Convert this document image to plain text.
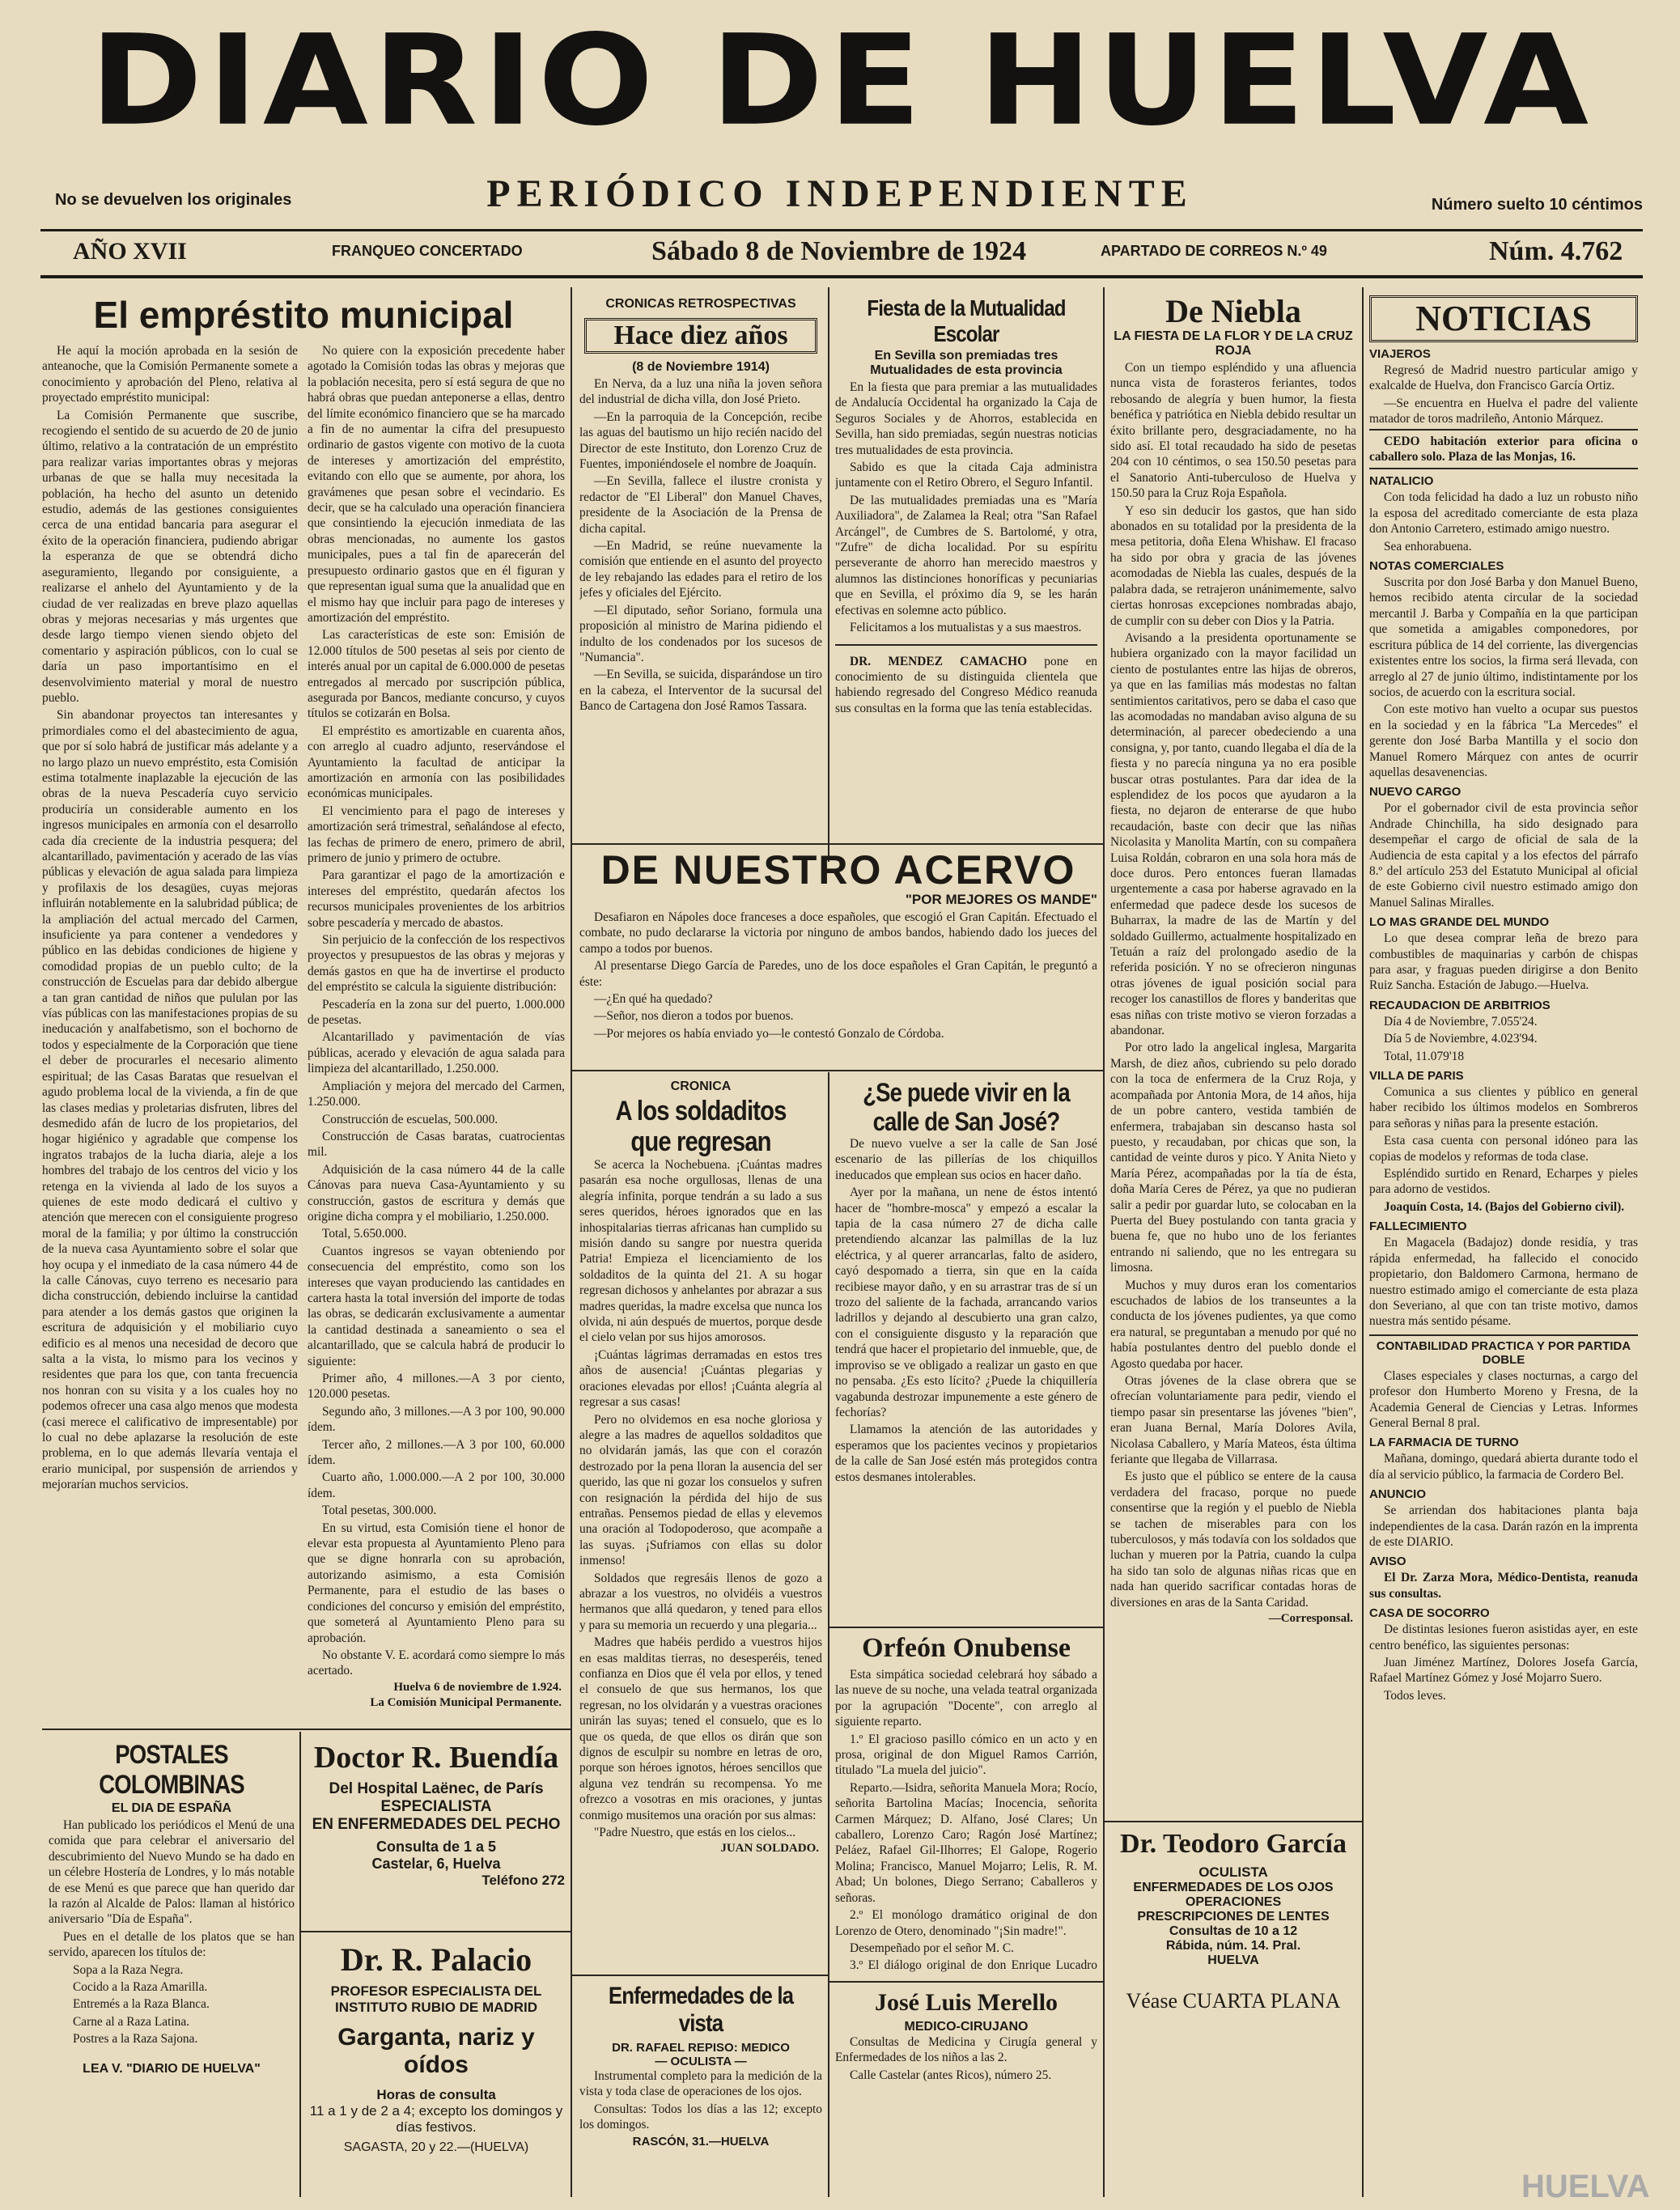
DIARIO DE HUELVA
No se devuelven los originales	PERIÓDICO INDEPENDIENTE	Número suelto 10 céntimos
AÑO XVII	FRANQUEO CONCERTADO	Sábado 8 de Noviembre de 1924	APARTADO DE CORREOS N.º 49	Núm. 4.762
El empréstito municipal

He aquí la moción aprobada en la sesión de anteanoche, que la Comisión Permanente somete a conocimiento y aprobación del Pleno, relativa al proyectado empréstito municipal:

La Comisión Permanente que suscribe, recogiendo el sentido de su acuerdo de 20 de junio último, relativo a la contratación de un empréstito para realizar varias importantes obras y mejoras urbanas de que se halla muy necesitada la población, ha hecho del asunto un detenido estudio, además de las gestiones consiguientes cerca de una entidad bancaria para asegurar el éxito de la operación financiera, pudiendo abrigar la esperanza de que se obtendrá dicho aseguramiento, llegando por consiguiente, a realizarse el anhelo del Ayuntamiento y de la ciudad de ver realizadas en breve plazo aquellas obras y mejoras necesarias y más urgentes que desde largo tiempo vienen siendo objeto del comentario y aspiración públicos, con lo cual se daría un paso importantísimo en el desenvolvimiento material y moral de nuestro pueblo.

Sin abandonar proyectos tan interesantes y primordiales como el del abastecimiento de agua, que por sí solo habrá de justificar más adelante y a no largo plazo un nuevo empréstito, esta Comisión estima totalmente inaplazable la ejecución de las obras de la nueva Pescadería cuyo servicio produciría un considerable aumento en los ingresos municipales en armonía con el desarrollo cada día creciente de la industria pesquera; del alcantarillado, pavimentación y acerado de las vías públicas y elevación de agua salada para limpieza y profilaxis de los desagües, cuyas mejoras influirán notablemente en la salubridad pública; de la ampliación del actual mercado del Carmen, insuficiente ya para contener a vendedores y público en las debidas condiciones de higiene y comodidad propias de un pueblo culto; de la construcción de Escuelas para dar debido albergue a tan gran cantidad de niños que pululan por las vías públicas con las manifestaciones propias de su ineducación y analfabetismo, son el bochorno de todos y especialmente de la Corporación que tiene el deber de procurarles el necesario alimento espiritual; de las Casas Baratas que resuelvan el agudo problema local de la vivienda, a fin de que las clases medias y proletarias disfruten, libres del desmedido afán de lucro de los propietarios, del hogar higiénico y agradable que compense los ingratos trabajos de la lucha diaria, aleje a los hombres del trabajo de los centros del vicio y los retenga en la vivienda al lado de los suyos a quienes de este modo dedicará el cultivo y atención que merecen con el consiguiente progreso moral de la familia; y por último la construcción de la nueva casa Ayuntamiento sobre el solar que hoy ocupa y el inmediato de la casa número 44 de la calle Cánovas, cuyo terreno es necesario para dicha construcción, debiendo incluirse la cantidad para atender a los demás gastos que originen la escritura de adquisición y el mobiliario cuyo edificio es al menos una necesidad de decoro que salta a la vista, lo mismo para los vecinos y residentes que para los que, con tanta frecuencia nos honran con su visita y a los cuales hoy no podemos ofrecer una casa algo menos que modesta (casi merece el calificativo de impresentable) por lo cual no debe aplazarse la resolución de este problema, en lo que además llevaría ventaja el erario municipal, por suspensión de arriendos y mejorarían muchos servicios.

No quiere con la exposición precedente haber agotado la Comisión todas las obras y mejoras que la población necesita, pero sí está segura de que no habrá obras que puedan anteponerse a ellas, dentro del límite económico financiero que se ha marcado a fin de no aumentar la cifra del presupuesto ordinario de gastos vigente con motivo de la cuota de intereses y amortización del empréstito, evitando con ello que se aumente, por ahora, los gravámenes que pesan sobre el vecindario. Es decir, que se ha calculado una operación financiera que consintiendo la ejecución inmediata de las obras mencionadas, no aumente los gastos municipales, pues a tal fin de aparecerán del presupuesto ordinario gastos que en él figuran y que representan igual suma que la anualidad que en el mismo hay que incluir para pago de intereses y amortización del empréstito.

Las características de este son: Emisión de 12.000 títulos de 500 pesetas al seis por ciento de interés anual por un capital de 6.000.000 de pesetas entregados al mercado por suscripción pública, asegurada por Bancos, mediante concurso, y cuyos títulos se cotizarán en Bolsa.

El empréstito es amortizable en cuarenta años, con arreglo al cuadro adjunto, reservándose el Ayuntamiento la facultad de anticipar la amortización en armonía con las posibilidades económicas municipales.

El vencimiento para el pago de intereses y amortización será trimestral, señalándose al efecto, las fechas de primero de enero, primero de abril, primero de junio y primero de octubre.

Para garantizar el pago de la amortización e intereses del empréstito, quedarán afectos los recursos municipales provenientes de los arbitrios sobre pescadería y mercado de abastos.

Sin perjuicio de la confección de los respectivos proyectos y presupuestos de las obras y mejoras y demás gastos en que ha de invertirse el producto del empréstito se calcula la siguiente distribución:

Pescadería en la zona sur del puerto, 1.000.000 de pesetas.

Alcantarillado y pavimentación de vías públicas, acerado y elevación de agua salada para limpieza del alcantarillado, 1.250.000.

Ampliación y mejora del mercado del Carmen, 1.250.000.

Construcción de escuelas, 500.000.

Construcción de Casas baratas, cuatrocientas mil.

Adquisición de la casa número 44 de la calle Cánovas para nueva Casa-Ayuntamiento y su construcción, gastos de escritura y demás que origine dicha compra y el mobiliario, 1.250.000.

Total, 5.650.000.

Cuantos ingresos se vayan obteniendo por consecuencia del empréstito, como son los intereses que vayan produciendo las cantidades en cartera hasta la total inversión del importe de todas las obras, se dedicarán exclusivamente a aumentar la cantidad destinada a saneamiento o sea el alcantarillado, que se calcula habrá de producir lo siguiente:

Primer año, 4 millones.—A 3 por ciento, 120.000 pesetas.

Segundo año, 3 millones.—A 3 por 100, 90.000 ídem.

Tercer año, 2 millones.—A 3 por 100, 60.000 ídem.

Cuarto año, 1.000.000.—A 2 por 100, 30.000 ídem.

Total pesetas, 300.000.

En su virtud, esta Comisión tiene el honor de elevar esta propuesta al Ayuntamiento Pleno para que se digne honrarla con su aprobación, autorizando asimismo, a esta Comisión Permanente, para el estudio de las bases o condiciones del concurso y emisión del empréstito, que someterá al Ayuntamiento Pleno para su aprobación.

No obstante V. E. acordará como siempre lo más acertado.

Huelva 6 de noviembre de 1.924.

La Comisión Municipal Permanente.

POSTALES COLOMBINAS

EL DIA DE ESPAÑA

Han publicado los periódicos el Menú de una comida que para celebrar el aniversario del descubrimiento del Nuevo Mundo se ha dado en un célebre Hostería de Londres, y lo más notable de ese Menú es que parece que han querido dar la razón al Alcalde de Palos: llaman al histórico aniversario "Día de España".

Pues en el detalle de los platos que se han servido, aparecen los títulos de:

Sopa a la Raza Negra.

Cocido a la Raza Amarilla.

Entremés a la Raza Blanca.

Carne al a Raza Latina.

Postres a la Raza Sajona.

LEA V. "DIARIO DE HUELVA"

Doctor R. Buendía

Del Hospital Laënec, de París

ESPECIALISTA

EN ENFERMEDADES DEL PECHO

Consulta de 1 a 5

Castelar, 6, Huelva

Teléfono 272

Dr. R. Palacio

PROFESOR ESPECIALISTA DEL INSTITUTO RUBIO DE MADRID

Garganta, nariz y oídos

Horas de consulta

11 a 1 y de 2 a 4; excepto los domingos y días festivos.

SAGASTA, 20 y 22.—(HUELVA)

CRONICAS RETROSPECTIVAS

Hace diez años

(8 de Noviembre 1914)

En Nerva, da a luz una niña la joven señora del industrial de dicha villa, don José Prieto.

—En la parroquia de la Concepción, recibe las aguas del bautismo un hijo recién nacido del Director de este Instituto, don Lorenzo Cruz de Fuentes, imponiéndosele el nombre de Joaquín.

—En Sevilla, fallece el ilustre cronista y redactor de "El Liberal" don Manuel Chaves, presidente de la Asociación de la Prensa de dicha capital.

—En Madrid, se reúne nuevamente la comisión que entiende en el asunto del proyecto de ley rebajando las edades para el retiro de los jefes y oficiales del Ejército.

—El diputado, señor Soriano, formula una proposición al ministro de Marina pidiendo el indulto de los condenados por los sucesos de "Numancia".

—En Sevilla, se suicida, disparándose un tiro en la cabeza, el Interventor de la sucursal del Banco de Cartagena don José Ramos Tassara.

Fiesta de la Mutualidad Escolar

En Sevilla son premiadas tres Mutualidades de esta provincia

En la fiesta que para premiar a las mutualidades de Andalucía Occidental ha organizado la Caja de Seguros Sociales y de Ahorros, establecida en Sevilla, han sido premiadas, según nuestras noticias tres mutualidades de esta provincia.

Sabido es que la citada Caja administra juntamente con el Retiro Obrero, el Seguro Infantil.

De las mutualidades premiadas una es "María Auxiliadora", de Zalamea la Real; otra "San Rafael Arcángel", de Cumbres de S. Bartolomé, y otra, "Zufre" de dicha localidad. Por su espíritu perseverante de ahorro han merecido maestros y alumnos las distinciones honoríficas y pecuniarias que en Sevilla, el próximo día 9, se les harán efectivas en solemne acto público.

Felicitamos a los mutualistas y a sus maestros.

DR. MENDEZ CAMACHO pone en conocimiento de su distinguida clientela que habiendo regresado del Congreso Médico reanuda sus consultas en la forma que las tenía establecidas.

DE NUESTRO ACERVO

"POR MEJORES OS MANDE"

Desafiaron en Nápoles doce franceses a doce españoles, que escogió el Gran Capitán. Efectuado el combate, no pudo declararse la victoria por ninguno de ambos bandos, habiendo dado los jueces del campo a todos por buenos.

Al presentarse Diego García de Paredes, uno de los doce españoles el Gran Capitán, le preguntó a éste:

—¿En qué ha quedado?

—Señor, nos dieron a todos por buenos.

—Por mejores os había enviado yo—le contestó Gonzalo de Córdoba.

CRONICA

A los soldaditos que regresan

Se acerca la Nochebuena. ¡Cuántas madres pasarán esa noche orgullosas, llenas de una alegría infinita, porque tendrán a su lado a sus seres queridos, héroes ignorados que en las inhospitalarias tierras africanas han cumplido su misión dando su sangre por nuestra querida Patria! Empieza el licenciamiento de los soldaditos de la quinta del 21. A su hogar regresan dichosos y anhelantes por abrazar a sus madres queridas, la madre excelsa que nunca los olvida, ni aún después de muertos, porque desde el cielo velan por sus hijos amorosos.

¡Cuántas lágrimas derramadas en estos tres años de ausencia! ¡Cuántas plegarias y oraciones elevadas por ellos! ¡Cuánta alegría al regresar a sus casas!

Pero no olvidemos en esa noche gloriosa y alegre a las madres de aquellos soldaditos que no olvidarán jamás, las que con el corazón destrozado por la pena lloran la ausencia del ser querido, las que ni gozar los consuelos y sufren con resignación la pérdida del hijo de sus entrañas. Pensemos piedad de ellas y elevemos una oración al Todopoderoso, que acompañe a las suyas. ¡Sufriamos con ellas su dolor inmenso!

Soldados que regresáis llenos de gozo a abrazar a los vuestros, no olvidéis a vuestros hermanos que allá quedaron, y tened para ellos y para su memoria un recuerdo y una plegaria...

Madres que habéis perdido a vuestros hijos en esas malditas tierras, no desesperéis, tened confianza en Dios que él vela por ellos, y tened el consuelo de que sus hermanos, los que regresan, no los olvidarán y a vuestras oraciones unirán las suyas; tened el consuelo, que es lo que os queda, de que ellos os dirán que son dignos de esculpir su nombre en letras de oro, porque son héroes ignotos, héroes sencillos que alguna vez tendrán su recompensa. Yo me ofrezco a vosotras en mis oraciones, y juntas conmigo musitemos una oración por sus almas:

"Padre Nuestro, que estás en los cielos...

JUAN SOLDADO.

Enfermedades de la vista

DR. RAFAEL REPISO: MEDICO

— OCULISTA —

Instrumental completo para la medición de la vista y toda clase de operaciones de los ojos.

Consultas: Todos los días a las 12; excepto los domingos.

RASCÓN, 31.—HUELVA

¿Se puede vivir en la calle de San José?

De nuevo vuelve a ser la calle de San José escenario de las pillerías de los chiquillos ineducados que emplean sus ocios en hacer daño.

Ayer por la mañana, un nene de éstos intentó hacer de "hombre-mosca" y empezó a escalar la tapia de la casa número 27 de dicha calle pretendiendo alcanzar las palmillas de la luz eléctrica, y al querer arrancarlas, falto de asidero, cayó despomado a tierra, sin que en la caída recibiese mayor daño, y en su arrastrar tras de sí un trozo del saliente de la fachada, arrancando varios ladrillos y dejando al descubierto una gran calzo, con el consiguiente disgusto y la reparación que tendrá que hacer el propietario del inmueble, que, de improviso se ve obligado a realizar un gasto en que no pensaba. ¿Es esto lícito? ¿Puede la chiquillería vagabunda destrozar impunemente a este género de fechorías?

Llamamos la atención de las autoridades y esperamos que los pacientes vecinos y propietarios de la calle de San José estén más protegidos contra estos desmanes intolerables.

Orfeón Onubense

Esta simpática sociedad celebrará hoy sábado a las nueve de su noche, una velada teatral organizada por la agrupación "Docente", con arreglo al siguiente reparto.

1.º El gracioso pasillo cómico en un acto y en prosa, original de don Miguel Ramos Carrión, titulado "La muela del juicio".

Reparto.—Isidra, señorita Manuela Mora; Rocío, señorita Bartolina Macías; Inocencia, señorita Carmen Márquez; D. Alfano, José Clares; Un caballero, Lorenzo Caro; Ragón José Martínez; Peláez, Rafael Gil-Ilhorres; El Galope, Rogerio Molina; Francisco, Manuel Mojarro; Lelis, R. M. Abad; Un bolones, Diego Serrano; Caballeros y señoras.

2.º El monólogo dramático original de don Lorenzo de Otero, denominado "¡Sin madre!".

Desempeñado por el señor M. C.

3.º El diálogo original de don Enrique Lucadro

José Luis Merello

MEDICO-CIRUJANO

Consultas de Medicina y Cirugía general y Enfermedades de los niños a las 2.

Calle Castelar (antes Ricos), número 25.

De Niebla

LA FIESTA DE LA FLOR Y DE LA CRUZ ROJA

Con un tiempo espléndido y una afluencia nunca vista de forasteros feriantes, todos rebosando de alegría y buen humor, la fiesta benéfica y patriótica en Niebla debido resultar un éxito brillante pero, desgraciadamente, no ha sido así. El total recaudado ha sido de pesetas 204 con 10 céntimos, o sea 150.50 pesetas para el Sanatorio Anti-tuberculoso de Huelva y 150.50 para la Cruz Roja Española.

Y eso sin deducir los gastos, que han sido abonados en su totalidad por la presidenta de la mesa petitoria, doña Elena Whishaw. El fracaso ha sido por obra y gracia de las jóvenes acomodadas de Niebla las cuales, después de la palabra dada, se retrajeron unánimemente, salvo ciertas honrosas excepciones nombradas abajo, de cumplir con su deber con Dios y la Patria.

Avisando a la presidenta oportunamente se hubiera organizado con la mayor facilidad un ciento de postulantes entre las hijas de obreros, ya que en las familias más modestas no faltan sentimientos caritativos, pero se daba el caso que las acomodadas no mandaban aviso alguna de su determinación, al parecer obedeciendo a una consigna, y, por tanto, cuando llegaba el día de la fiesta y no parecía ninguna ya no era posible buscar otras postulantes. Para dar idea de la esplendidez de los pocos que ayudaron a la fiesta, no dejaron de enterarse de que hubo recaudación, baste con decir que las niñas Nicolasita y Manolita Martín, con su compañera Luisa Roldán, cobraron en una sola hora más de doce duros. Pero entonces fueran llamadas urgentemente a casa por haberse agravado en la enfermedad que padece desde los sucesos de Buharrax, la madre de las de Martín y del soldado Guillermo, actualmente hospitalizado en Tetuán a raíz del prolongado asedio de la referida posición. Y no se ofrecieron ningunas otras jóvenes de igual posición social para recoger los canastillos de flores y banderitas que esas niñas con triste motivo se vieron forzadas a abandonar.

Por otro lado la angelical inglesa, Margarita Marsh, de diez años, cubriendo su pelo dorado con la toca de enfermera de la Cruz Roja, y acompañada por Antonia Mora, de 14 años, hija de un pobre cantero, vestida también de enfermera, trabajaban sin descanso hasta sol puesto, y recaudaban, por chicas que son, la cantidad de veinte duros y pico. Y Anita Nieto y María Pérez, acompañadas por la tía de ésta, doña María Ceres de Pérez, ya que no pudieran salir a pedir por guardar luto, se colocaban en la Puerta del Buey postulando con tanta gracia y buena fe, que no hubo uno de los feriantes entrando ni saliendo, que no les entregara su limosna.

Muchos y muy duros eran los comentarios escuchados de labios de los transeuntes a la conducta de los jóvenes pudientes, ya que como era natural, se preguntaban a menudo por qué no había postulantes dentro del pueblo donde el Agosto quedaba por hacer.

Otras jóvenes de la clase obrera que se ofrecían voluntariamente para pedir, viendo el tiempo pasar sin presentarse las jóvenes "bien", eran Juana Bernal, María Dolores Avila, Nicolasa Caballero, y María Mateos, ésta última feriante que llegaba de Villarrasa.

Es justo que el público se entere de la causa verdadera del fracaso, porque no puede consentirse que la región y el pueblo de Niebla se tachen de miserables para con los tuberculosos, y más todavía con los soldados que luchan y mueren por la Patria, cuando la culpa ha sido tan solo de algunas niñas ricas que en nada han querido sacrificar contadas horas de diversiones en aras de la Santa Caridad.

—Corresponsal.

Dr. Teodoro García

OCULISTA

ENFERMEDADES DE LOS OJOS

OPERACIONES

PRESCRIPCIONES DE LENTES

Consultas de 10 a 12

Rábida, núm. 14. Pral.

HUELVA

Véase CUARTA PLANA

NOTICIAS

VIAJEROS

Regresó de Madrid nuestro particular amigo y exalcalde de Huelva, don Francisco García Ortiz.

—Se encuentra en Huelva el padre del valiente matador de toros madrileño, Antonio Márquez.

CEDO habitación exterior para oficina o caballero solo. Plaza de las Monjas, 16.

NATALICIO

Con toda felicidad ha dado a luz un robusto niño la esposa del acreditado comerciante de esta plaza don Antonio Carretero, estimado amigo nuestro.

Sea enhorabuena.

NOTAS COMERCIALES

Suscrita por don José Barba y don Manuel Bueno, hemos recibido atenta circular de la sociedad mercantil J. Barba y Compañía en la que participan que sometida a amigables componedores, por escritura pública de 14 del corriente, las divergencias existentes entre los socios, la firma será llevada, con arreglo al 27 de junio último, indistintamente por los socios, de acuerdo con la escritura social.

Con este motivo han vuelto a ocupar sus puestos en la sociedad y en la fábrica "La Mercedes" el gerente don José Barba Mantilla y el socio don Manuel Romero Márquez con antes de ocurrir aquellas desavenencias.

NUEVO CARGO

Por el gobernador civil de esta provincia señor Andrade Chinchilla, ha sido designado para desempeñar el cargo de oficial de sala de la Audiencia de esta capital y a los efectos del párrafo 8.º del artículo 253 del Estatuto Municipal al oficial de este Gobierno civil nuestro estimado amigo don Manuel Salinas Miralles.

LO MAS GRANDE DEL MUNDO

Lo que desea comprar leña de brezo para combustibles de maquinarias y carbón de chispas para asar, y fraguas pueden dirigirse a don Benito Ruiz Sancha. Estación de Jabugo.—Huelva.

RECAUDACION DE ARBITRIOS

Día 4 de Noviembre, 7.055'24.

Día 5 de Noviembre, 4.023'94.

Total, 11.079'18

VILLA DE PARIS

Comunica a sus clientes y público en general haber recibido los últimos modelos en Sombreros para señoras y niñas para la presente estación.

Esta casa cuenta con personal idóneo para las copias de modelos y reformas de toda clase.

Espléndido surtido en Renard, Echarpes y pieles para adorno de vestidos.

Joaquín Costa, 14. (Bajos del Gobierno civil).

FALLECIMIENTO

En Magacela (Badajoz) donde residía, y tras rápida enfermedad, ha fallecido el conocido propietario, don Baldomero Carmona, hermano de nuestro estimado amigo el comerciante de esta plaza don Severiano, al que con tan triste motivo, damos nuestra más sentido pésame.

CONTABILIDAD PRACTICA Y POR PARTIDA DOBLE

Clases especiales y clases nocturnas, a cargo del profesor don Humberto Moreno y Fresna, de la Academia General de Ciencias y Letras. Informes General Bernal 8 pral.

LA FARMACIA DE TURNO

Mañana, domingo, quedará abierta durante todo el día al servicio público, la farmacia de Cordero Bel.

ANUNCIO

Se arriendan dos habitaciones planta baja independientes de la casa. Darán razón en la imprenta de este DIARIO.

AVISO

El Dr. Zarza Mora, Médico-Dentista, reanuda sus consultas.

CASA DE SOCORRO

De distintas lesiones fueron asistidas ayer, en este centro benéfico, las siguientes personas:

Juan Jiménez Martínez, Dolores Josefa García, Rafael Martínez Gómez y José Mojarro Suero.

Todos leves.

HUELVA
